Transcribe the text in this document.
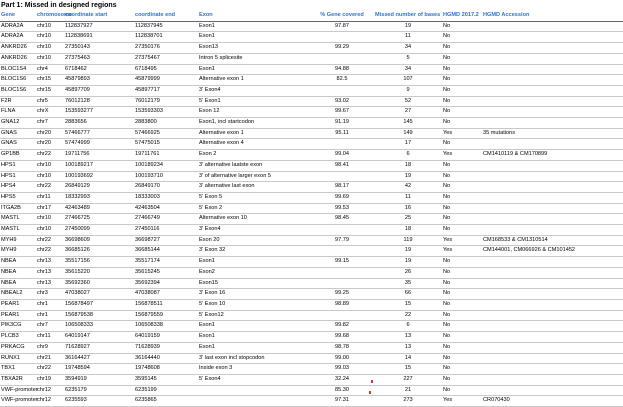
Part 1: Missed in designed regions
Gene	chromosome	coordinate start	coordinate end	Exon	% Gene covered	Missed number of bases	HGMD 2017.2	HGMD Accession
ADRA2A	chr10	112837927	112837945	Exon1	97.87	19	No	
ADRA2A	chr10	112838691	112838701	Exon1		11	No	
ANKRD26	chr10	27350143	27350176	Exon13	99.29	34	No	
ANKRD26	chr10	27375463	27375467	Intron 5 splicesite		5	No	
BLOC1S4	chr4	6718462	6718495	Exon1	94.88	34	No	
BLOC1S6	chr15	45879893	45879999	Alternative exon 1	82.5	107	No	
BLOC1S6	chr15	45897709	45897717	3' Exon4		9	No	
F2R	chr5	76012128	76012179	5' Exon1	93.02	52	No	
FLNA	chrX	153593277	153593303	Exon 12	99.67	27	No	
GNA12	chr7	2883656	2883800	Exon1, incl startcodon	91.19	145	No	
GNAS	chr20	57466777	57466925	Alternative exon 1	95.11	149	Yes	35 mutations
GNAS	chr20	57474999	57475015	Alternative exon 4		17	No	
GP1BB	chr22	19711756	19711761	Exon 2	99.04	6	Yes	CM1410119 & CM170899
HPS1	chr10	100189217	100189234	3' alternative laatste exon	98.41	18	No	
HPS1	chr10	100193692	100193710	3' of alternative larger exon 5		19	No	
HPS4	chr22	26849129	26849170	3' alternative last exon	98.17	42	No	
HPS5	chr11	18332993	18333003	5' Exon 5	99.69	11	No	
ITGA2B	chr17	42463489	42463504	5' Exon 2	99.53	16	No	
MASTL	chr10	27466725	27466749	Alternative exon 10	98.45	25	No	
MASTL	chr10	27450099	27450116	3' Exon4		18	No	
MYH9	chr22	36698609	36698727	Exon 20	97.79	119	Yes	CM168533 & CM1310514
MYH9	chr22	36685126	36685144	3' Exon 32		19	Yes	CM144001, CM066926 & CM101452
NBEA	chr13	35517156	35517174	Exon1	99.15	19	No	
NBEA	chr13	35615220	35615245	Exon2		26	No	
NBEA	chr13	35692360	35692394	Exon15		35	No	
NBEAL2	chr3	47038027	47038087	3' Exon 16	99.25	66	No	
PEAR1	chr1	156878497	156878511	5' Exon 10	98.89	15	No	
PEAR1	chr1	156879538	156879559	5' Exon12		22	No	
PIK3CG	chr7	106508333	106508338	Exon1	99.82	6	No	
PLCB3	chr11	64019147	64019159	Exon1	99.68	13	No	
PRKACG	chr9	71628927	71628939	Exon1	98.78	13	No	
RUNX1	chr21	36164427	36164440	3' last exon incl stopcodon	99.00	14	No	
TBX1	chr22	19748594	19748608	Inside exon 3	99.03	15	No	
TBXA2R	chr19	3594919	3595145	5' Exon4	32.24	227	No	
VWF-promoter	chr12	6235179	6235199		85.30	21	No	
VWF-promoter	chr12	6235593	6235865		97.31	273	Yes	CR070430
